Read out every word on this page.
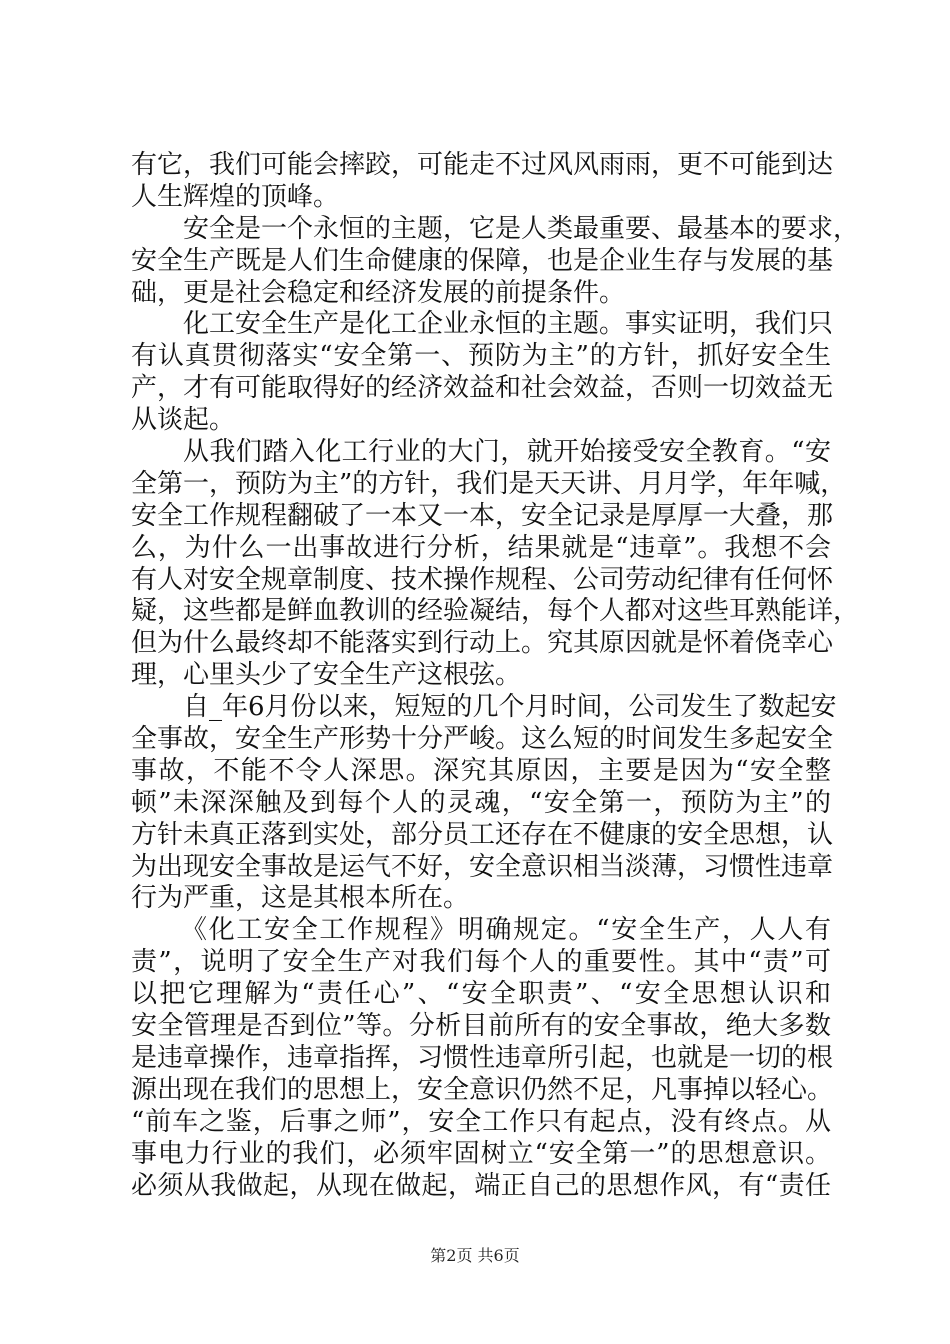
有它，我们可能会摔跤，可能走不过风风雨雨，更不可能到达
人生辉煌的顶峰。
安全是一个永恒的主题，它是人类最重要、最基本的要求，
安全生产既是人们生命健康的保障，也是企业生存与发展的基
础，更是社会稳定和经济发展的前提条件。
化工安全生产是化工企业永恒的主题。事实证明，我们只
有认真贯彻落实“安全第一、预防为主”的方针，抓好安全生
产，才有可能取得好的经济效益和社会效益，否则一切效益无
从谈起。
从我们踏入化工行业的大门，就开始接受安全教育。“安
全第一，预防为主”的方针，我们是天天讲、月月学，年年喊，
安全工作规程翻破了一本又一本，安全记录是厚厚一大叠，那
么，为什么一出事故进行分析，结果就是“违章”。我想不会
有人对安全规章制度、技术操作规程、公司劳动纪律有任何怀
疑，这些都是鲜血教训的经验凝结，每个人都对这些耳熟能详，
但为什么最终却不能落实到行动上。究其原因就是怀着侥幸心
理，心里头少了安全生产这根弦。
自_年6月份以来，短短的几个月时间，公司发生了数起安
全事故，安全生产形势十分严峻。这么短的时间发生多起安全
事故，不能不令人深思。深究其原因，主要是因为“安全整
顿”未深深触及到每个人的灵魂，“安全第一，预防为主”的
方针未真正落到实处，部分员工还存在不健康的安全思想，认
为出现安全事故是运气不好，安全意识相当淡薄，习惯性违章
行为严重，这是其根本所在。
《化工安全工作规程》明确规定。“安全生产，人人有
责”，说明了安全生产对我们每个人的重要性。其中“责”可
以把它理解为“责任心”、“安全职责”、“安全思想认识和
安全管理是否到位”等。分析目前所有的安全事故，绝大多数
是违章操作，违章指挥，习惯性违章所引起，也就是一切的根
源出现在我们的思想上，安全意识仍然不足，凡事掉以轻心。
“前车之鉴，后事之师”，安全工作只有起点，没有终点。从
事电力行业的我们，必须牢固树立“安全第一”的思想意识。
必须从我做起，从现在做起，端正自己的思想作风，有“责任
第2页 共6页
